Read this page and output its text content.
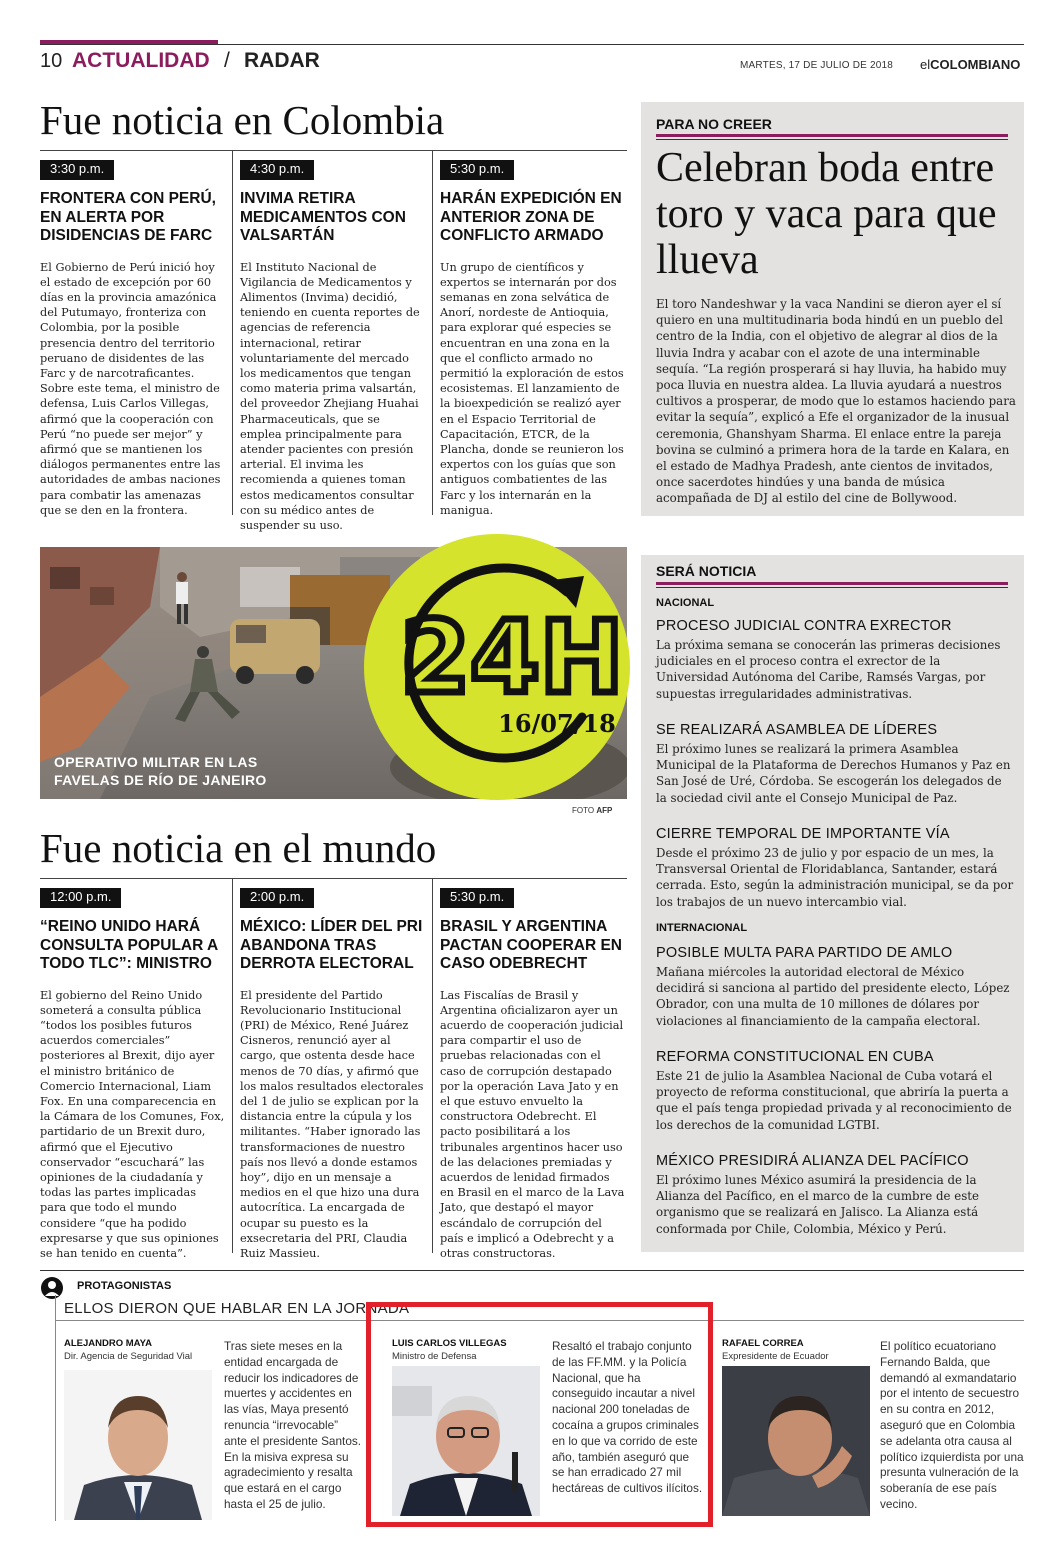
10 ACTUALIDAD / RADAR	MARTES, 17 DE JULIO DE 2018 elCOLOMBIANO
Fue noticia en Colombia
3:30 p.m.
FRONTERA CON PERÚ, EN ALERTA POR DISIDENCIAS DE FARC
El Gobierno de Perú inició hoy el estado de excepción por 60 días en la provincia amazónica del Putumayo, fronteriza con Colombia, por la posible presencia dentro del territorio peruano de disidentes de las Farc y de narcotraficantes. Sobre este tema, el ministro de defensa, Luis Carlos Villegas, afirmó que la cooperación con Perú “no puede ser mejor” y afirmó que se mantienen los diálogos permanentes entre las autoridades de ambas naciones para combatir las amenazas que se den en la frontera.
4:30 p.m.
INVIMA RETIRA MEDICAMENTOS CON VALSARTÁN
El Instituto Nacional de Vigilancia de Medicamentos y Alimentos (Invima) decidió, teniendo en cuenta reportes de agencias de referencia internacional, retirar voluntariamente del mercado los medicamentos que tengan como materia prima valsartán, del proveedor Zhejiang Huahai Pharmaceuticals, que se emplea principalmente para atender pacientes con presión arterial. El invima les recomienda a quienes toman estos medicamentos consultar con su médico antes de suspender su uso.
5:30 p.m.
HARÁN EXPEDICIÓN EN ANTERIOR ZONA DE CONFLICTO ARMADO
Un grupo de científicos y expertos se internarán por dos semanas en zona selvática de Anorí, nordeste de Antioquia, para explorar qué especies se encuentran en una zona en la que el conflicto armado no permitió la exploración de estos ecosistemas. El lanzamiento de la bioexpedición se realizó ayer en el Espacio Territorial de Capacitación, ETCR, de la Plancha, donde se reunieron los expertos con los guías que son antiguos combatientes de las Farc y los internarán en la manigua.
PARA NO CREER
Celebran boda entre toro y vaca para que llueva
El toro Nandeshwar y la vaca Nandini se dieron ayer el sí quiero en una multitudinaria boda hindú en un pueblo del centro de la India, con el objetivo de alegrar al dios de la lluvia Indra y acabar con el azote de una interminable sequía. “La región prosperará si hay lluvia, ha habido muy poca lluvia en nuestra aldea. La lluvia ayudará a nuestros cultivos a prosperar, de modo que lo estamos haciendo para evitar la sequía”, explicó a Efe el organizador de la inusual ceremonia, Ghanshyam Sharma. El enlace entre la pareja bovina se culminó a primera hora de la tarde en Kalara, en el estado de Madhya Pradesh, ante cientos de invitados, once sacerdotes hindúes y una banda de música acompañada de DJ al estilo del cine de Bollywood.
OPERATIVO MILITAR EN LAS
FAVELAS DE RÍO DE JANEIRO
24H
16/07/18
FOTO AFP
SERÁ NOTICIA
NACIONAL
PROCESO JUDICIAL CONTRA EXRECTOR
La próxima semana se conocerán las primeras decisiones judiciales en el proceso contra el exrector de la Universidad Autónoma del Caribe, Ramsés Vargas, por supuestas irregularidades administrativas.
SE REALIZARÁ ASAMBLEA DE LÍDERES
El próximo lunes se realizará la primera Asamblea Municipal de la Plataforma de Derechos Humanos y Paz en San José de Uré, Córdoba. Se escogerán los delegados de la sociedad civil ante el Consejo Municipal de Paz.
CIERRE TEMPORAL DE IMPORTANTE VÍA
Desde el próximo 23 de julio y por espacio de un mes, la Transversal Oriental de Floridablanca, Santander, estará cerrada. Esto, según la administración municipal, se da por los trabajos de un nuevo intercambio vial.
INTERNACIONAL
POSIBLE MULTA PARA PARTIDO DE AMLO
Mañana miércoles la autoridad electoral de México decidirá si sanciona al partido del presidente electo, López Obrador, con una multa de 10 millones de dólares por violaciones al financiamiento de la campaña electoral.
REFORMA CONSTITUCIONAL EN CUBA
Este 21 de julio la Asamblea Nacional de Cuba votará el proyecto de reforma constitucional, que abriría la puerta a que el país tenga propiedad privada y al reconocimiento de los derechos de la comunidad LGTBI.
MÉXICO PRESIDIRÁ ALIANZA DEL PACÍFICO
El próximo lunes México asumirá la presidencia de la Alianza del Pacífico, en el marco de la cumbre de este organismo que se realizará en Jalisco. La Alianza está conformada por Chile, Colombia, México y Perú.
Fue noticia en el mundo
12:00 p.m.
“REINO UNIDO HARÁ CONSULTA POPULAR A TODO TLC”: MINISTRO
El gobierno del Reino Unido someterá a consulta pública “todos los posibles futuros acuerdos comerciales” posteriores al Brexit, dijo ayer el ministro británico de Comercio Internacional, Liam Fox. En una comparecencia en la Cámara de los Comunes, Fox, partidario de un Brexit duro, afirmó que el Ejecutivo conservador “escuchará” las opiniones de la ciudadanía y todas las partes implicadas para que todo el mundo considere “que ha podido expresarse y que sus opiniones se han tenido en cuenta”.
2:00 p.m.
MÉXICO: LÍDER DEL PRI ABANDONA TRAS DERROTA ELECTORAL
El presidente del Partido Revolucionario Institucional (PRI) de México, René Juárez Cisneros, renunció ayer al cargo, que ostenta desde hace menos de 70 días, y afirmó que los malos resultados electorales del 1 de julio se explican por la distancia entre la cúpula y los militantes. “Haber ignorado las transformaciones de nuestro país nos llevó a donde estamos hoy”, dijo en un mensaje a medios en el que hizo una dura autocrítica. La encargada de ocupar su puesto es la exsecretaria del PRI, Claudia Ruiz Massieu.
5:30 p.m.
BRASIL Y ARGENTINA PACTAN COOPERAR EN CASO ODEBRECHT
Las Fiscalías de Brasil y Argentina oficializaron ayer un acuerdo de cooperación judicial para compartir el uso de pruebas relacionadas con el caso de corrupción destapado por la operación Lava Jato y en el que estuvo envuelto la constructora Odebrecht. El pacto posibilitará a los tribunales argentinos hacer uso de las delaciones premiadas y acuerdos de lenidad firmados en Brasil en el marco de la Lava Jato, que destapó el mayor escándalo de corrupción del país e implicó a Odebrecht y a otras constructoras.
PROTAGONISTAS
ELLOS DIERON QUE HABLAR EN LA JORNADA
ALEJANDRO MAYA
Dir. Agencia de Seguridad Vial
Tras siete meses en la entidad encargada de reducir los indicadores de muertes y accidentes en las vías, Maya presentó renuncia “irrevocable” ante el presidente Santos. En la misiva expresa su agradecimiento y resalta que estará en el cargo hasta el 25 de julio.
LUIS CARLOS VILLEGAS
Ministro de Defensa
Resaltó el trabajo conjunto de las FF.MM. y la Policía Nacional, que ha conseguido incautar a nivel nacional 200 toneladas de cocaína a grupos criminales en lo que va corrido de este año, también aseguró que se han erradicado 27 mil hectáreas de cultivos ilícitos.
RAFAEL CORREA
Expresidente de Ecuador
El político ecuatoriano Fernando Balda, que demandó al exmandatario por el intento de secuestro en su contra en 2012, aseguró que en Colombia se adelanta otra causa al político izquierdista por una presunta vulneración de la soberanía de ese país vecino.
